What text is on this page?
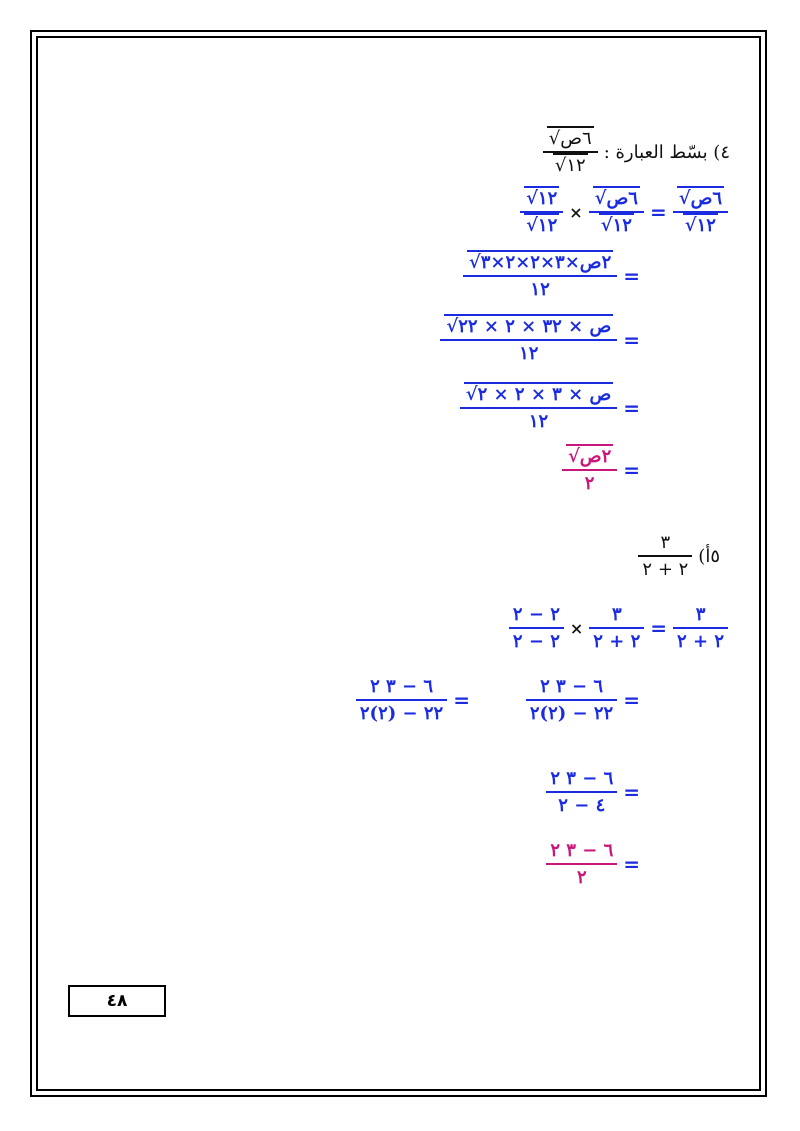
٤) بسّط العبارة :
$\frac{\text{٦ص √}}{١٢}$ √
$\frac{\text{٦ص √}}{١٢}$ √
=
$\frac{\text{٦ص √}}{١٢}$ √
×
$\frac{١٢ √}{١٢}$ √
=
$\frac{\text{٢ص×٣×٢×٢×٣ √}}{١٢}$
=
$\frac{\text{ص × ٣٢ × ٢ × ٢٢ √}}{١٢}$
=
$\frac{\text{ص × ٣ × ٢ × ٢ √}}{١٢}$
=
$\frac{\text{٢ص √}}{٢}$
٥أ)
$\frac{٣}{٢ + ٢}$
$\frac{٣}{٢ + ٢}$
=
$\frac{٣}{٢ + ٢}$
×
$\frac{٢ - ٢}{٢ - ٢}$
=
$\frac{٦ - ٣ ٢}{٢٢ - (٢)٢}$
=
$\frac{٦ - ٣ ٢}{٢٢ - (٢)٢}$
=
$\frac{٦ - ٣ ٢}{٤ - ٢}$
=
$\frac{٦ - ٣ ٢}{٢}$
٤٨
